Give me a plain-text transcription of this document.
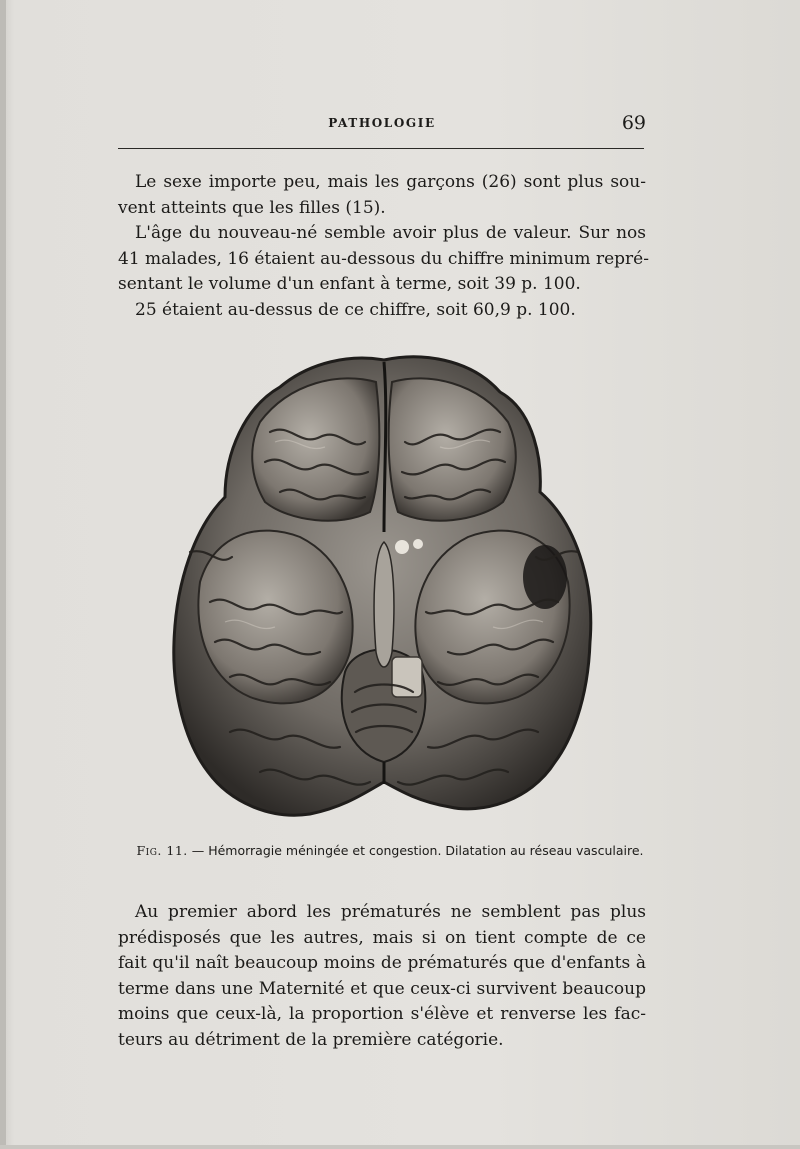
PATHOLOGIE	69

Le sexe importe peu, mais les garçons (26) sont plus sou-
vent atteints que les filles (15).
L'âge du nouveau-né semble avoir plus de valeur. Sur nos
41 malades, 16 étaient au-dessous du chiffre minimum repré-
sentant le volume d'un enfant à terme, soit 39 p. 100.
25 étaient au-dessus de ce chiffre, soit 60,9 p. 100.

Fig. 11. — Hémorragie méningée et congestion. Dilatation au réseau vasculaire.

Au premier abord les prématurés ne semblent pas plus
prédisposés que les autres, mais si on tient compte de ce
fait qu'il naît beaucoup moins de prématurés que d'enfants à
terme dans une Maternité et que ceux-ci survivent beaucoup
moins que ceux-là, la proportion s'élève et renverse les fac-
teurs au détriment de la première catégorie.
